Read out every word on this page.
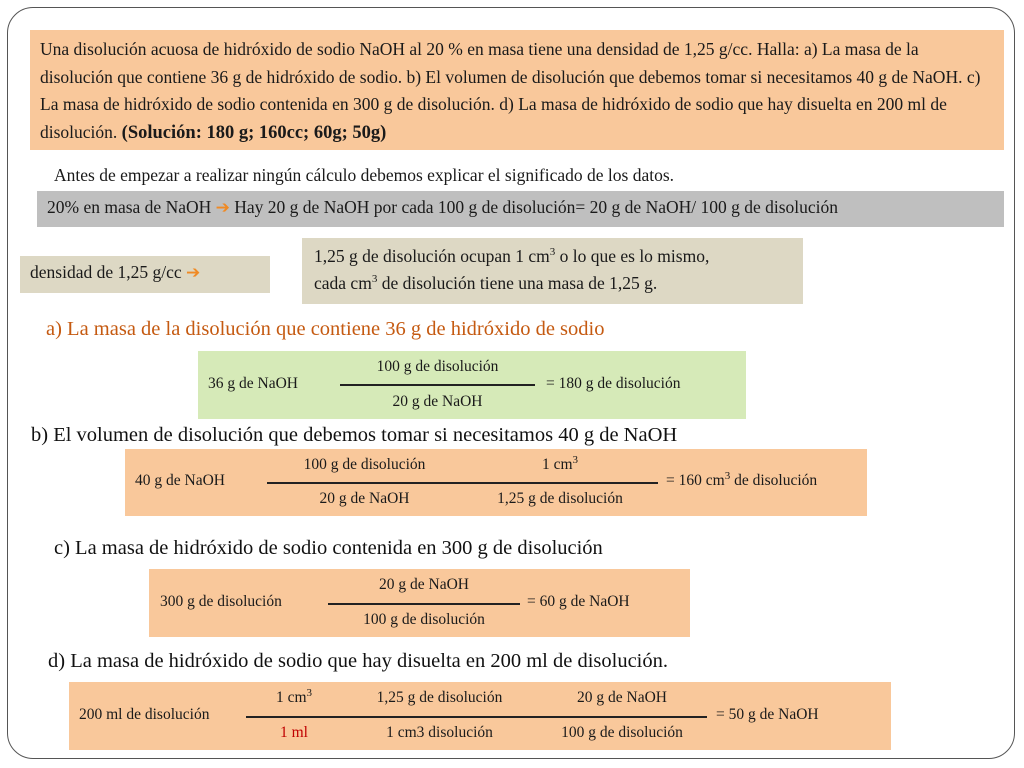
Una disolución acuosa de hidróxido de sodio NaOH al 20 % en masa tiene una densidad de 1,25 g/cc. Halla: a) La masa de la disolución que contiene 36 g de hidróxido de sodio. b) El volumen de disolución que debemos tomar si necesitamos 40 g de NaOH. c) La masa de hidróxido de sodio contenida en 300 g de disolución. d) La masa de hidróxido de sodio que hay disuelta en 200 ml de disolución. (Solución: 180 g; 160cc; 60g; 50g)
Antes de empezar a realizar ningún cálculo debemos explicar el significado de los datos.
20% en masa de NaOH ➔ Hay 20 g de NaOH por cada 100 g de disolución= 20 g de NaOH/ 100 g de disolución
densidad de 1,25 g/cc ➔
1,25 g de disolución ocupan 1 $cm^3$ o lo que es lo mismo,
cada $cm^3$ de disolución tiene una masa de 1,25 g.
a) La masa de la disolución que contiene 36 g de hidróxido de sodio
36 g de NaOH
100 g de disolución
20 g de NaOH
= 180 g de disolución
b) El volumen de disolución que debemos tomar si necesitamos 40 g de NaOH
40 g de NaOH
100 g de disolución
20 g de NaOH
1 $cm^3$
1,25 g de disolución
= 160 $cm^3$ de disolución
c) La masa de hidróxido de sodio contenida en 300 g de disolución
300 g de disolución
20 g de NaOH
100 g de disolución
= 60 g de NaOH
d) La masa de hidróxido de sodio que hay disuelta en 200 ml de disolución.
200 ml de disolución
1 $cm^3$
1 ml
1,25 g de disolución
1 cm3 disolución
20 g de NaOH
100 g de disolución
= 50 g de NaOH
